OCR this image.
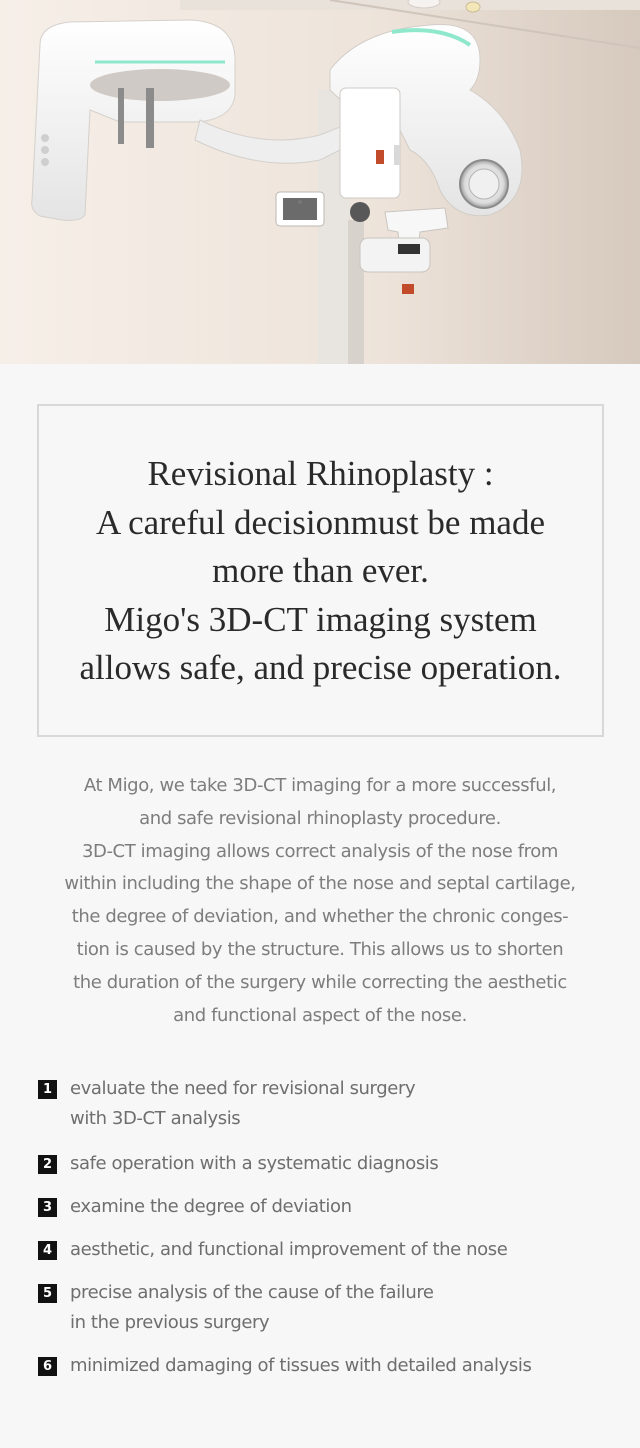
Revisional Rhinoplasty :
A careful decisionmust be made
more than ever.
Migo's 3D-CT imaging system
allows safe, and precise operation.
At Migo, we take 3D-CT imaging for a more successful,
and safe revisional rhinoplasty procedure.
3D-CT imaging allows correct analysis of the nose from
within including the shape of the nose and septal cartilage,
the degree of deviation, and whether the chronic conges-
tion is caused by the structure. This allows us to shorten
the duration of the surgery while correcting the aesthetic
and functional aspect of the nose.
1 evaluate the need for revisional surgery
with 3D-CT analysis
2 safe operation with a systematic diagnosis
3 examine the degree of deviation
4 aesthetic, and functional improvement of the nose
5 precise analysis of the cause of the failure
in the previous surgery
6 minimized damaging of tissues with detailed analysis
